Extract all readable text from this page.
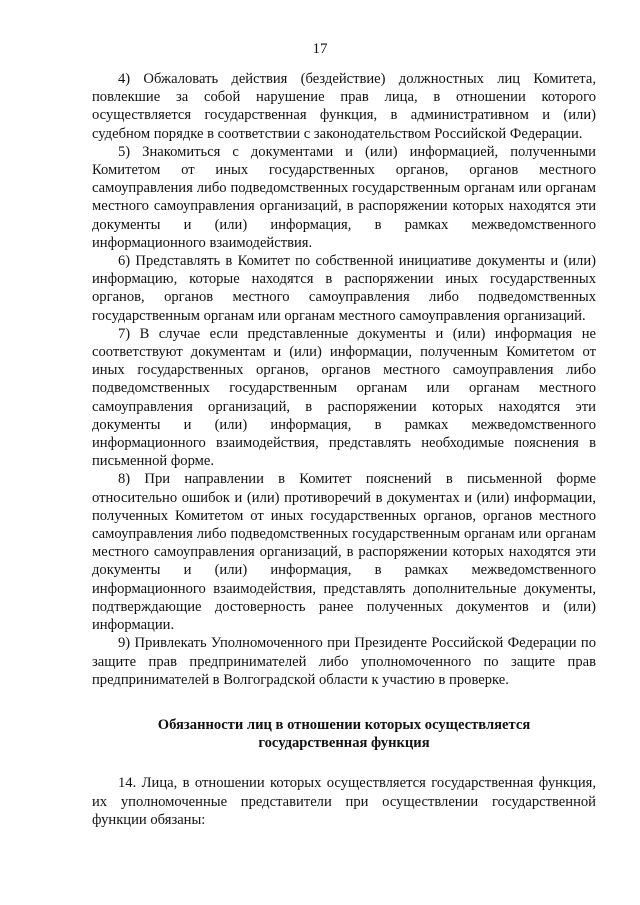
17

4) Обжаловать действия (бездействие) должностных лиц Комитета, повлекшие за собой нарушение прав лица, в отношении которого осуществляется государственная функция, в административном и (или) судебном порядке в соответствии с законодательством Российской Федерации.

5) Знакомиться с документами и (или) информацией, полученными Комитетом от иных государственных органов, органов местного самоуправления либо подведомственных государственным органам или органам местного самоуправления организаций, в распоряжении которых находятся эти документы и (или) информация, в рамках межведомственного информационного взаимодействия.

6) Представлять в Комитет по собственной инициативе документы и (или) информацию, которые находятся в распоряжении иных государственных органов, органов местного самоуправления либо подведомственных государственным органам или органам местного самоуправления организаций.

7) В случае если представленные документы и (или) информация не соответствуют документам и (или) информации, полученным Комитетом от иных государственных органов, органов местного самоуправления либо подведомственных государственным органам или органам местного самоуправления организаций, в распоряжении которых находятся эти документы и (или) информация, в рамках межведомственного информационного взаимодействия, представлять необходимые пояснения в письменной форме.

8) При направлении в Комитет пояснений в письменной форме относительно ошибок и (или) противоречий в документах и (или) информации, полученных Комитетом от иных государственных органов, органов местного самоуправления либо подведомственных государственным органам или органам местного самоуправления организаций, в распоряжении которых находятся эти документы и (или) информация, в рамках межведомственного информационного взаимодействия, представлять дополнительные документы, подтверждающие достоверность ранее полученных документов и (или) информации.

9) Привлекать Уполномоченного при Президенте Российской Федерации по защите прав предпринимателей либо уполномоченного по защите прав предпринимателей в Волгоградской области к участию в проверке.

Обязанности лиц в отношении которых осуществляется
государственная функция

14. Лица, в отношении которых осуществляется государственная функция, их уполномоченные представители при осуществлении государственной функции обязаны:
